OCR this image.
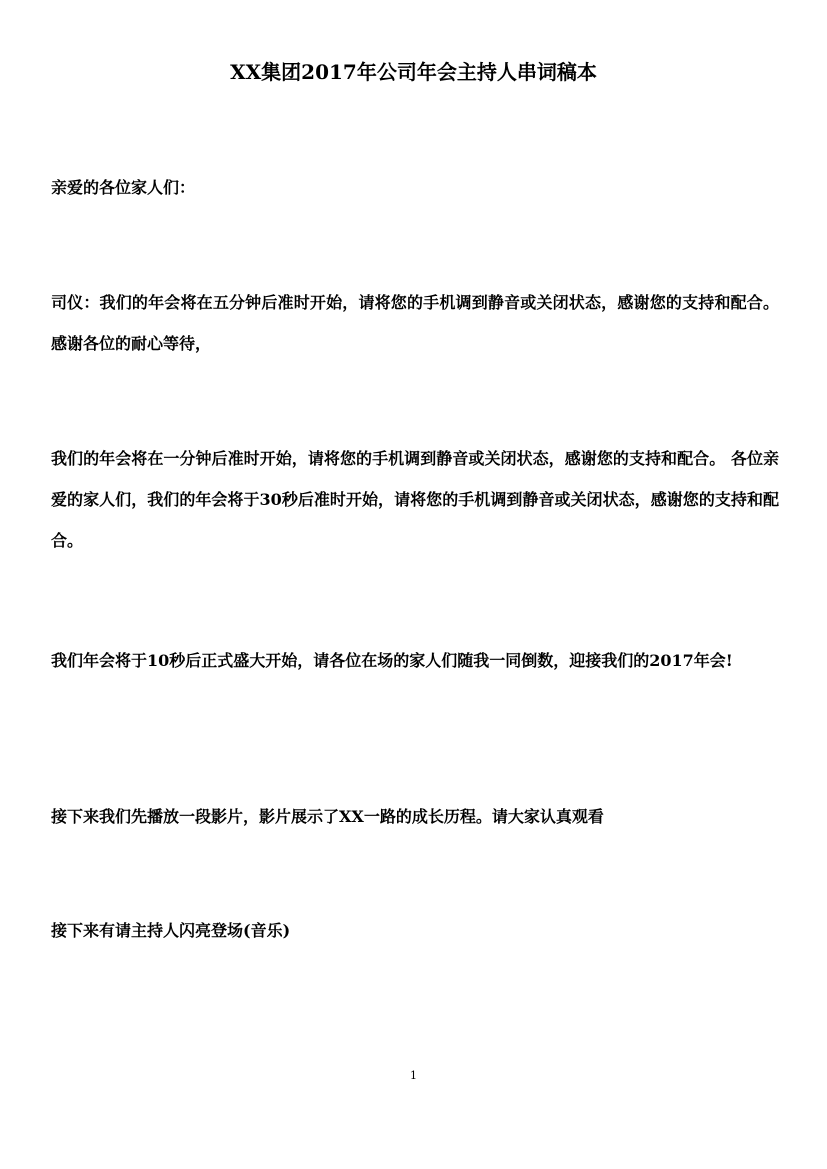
XX集团2017年公司年会主持人串词稿本
亲爱的各位家人们：
司仪：我们的年会将在五分钟后准时开始，请将您的手机调到静音或关闭状态，感谢您的支持和配合。 感谢各位的耐心等待，
我们的年会将在一分钟后准时开始，请将您的手机调到静音或关闭状态，感谢您的支持和配合。 各位亲爱的家人们，我们的年会将于30秒后准时开始，请将您的手机调到静音或关闭状态，感谢您的支持和配合。
我们年会将于10秒后正式盛大开始，请各位在场的家人们随我一同倒数，迎接我们的2017年会!
接下来我们先播放一段影片，影片展示了XX一路的成长历程。请大家认真观看
接下来有请主持人闪亮登场(音乐)
1
